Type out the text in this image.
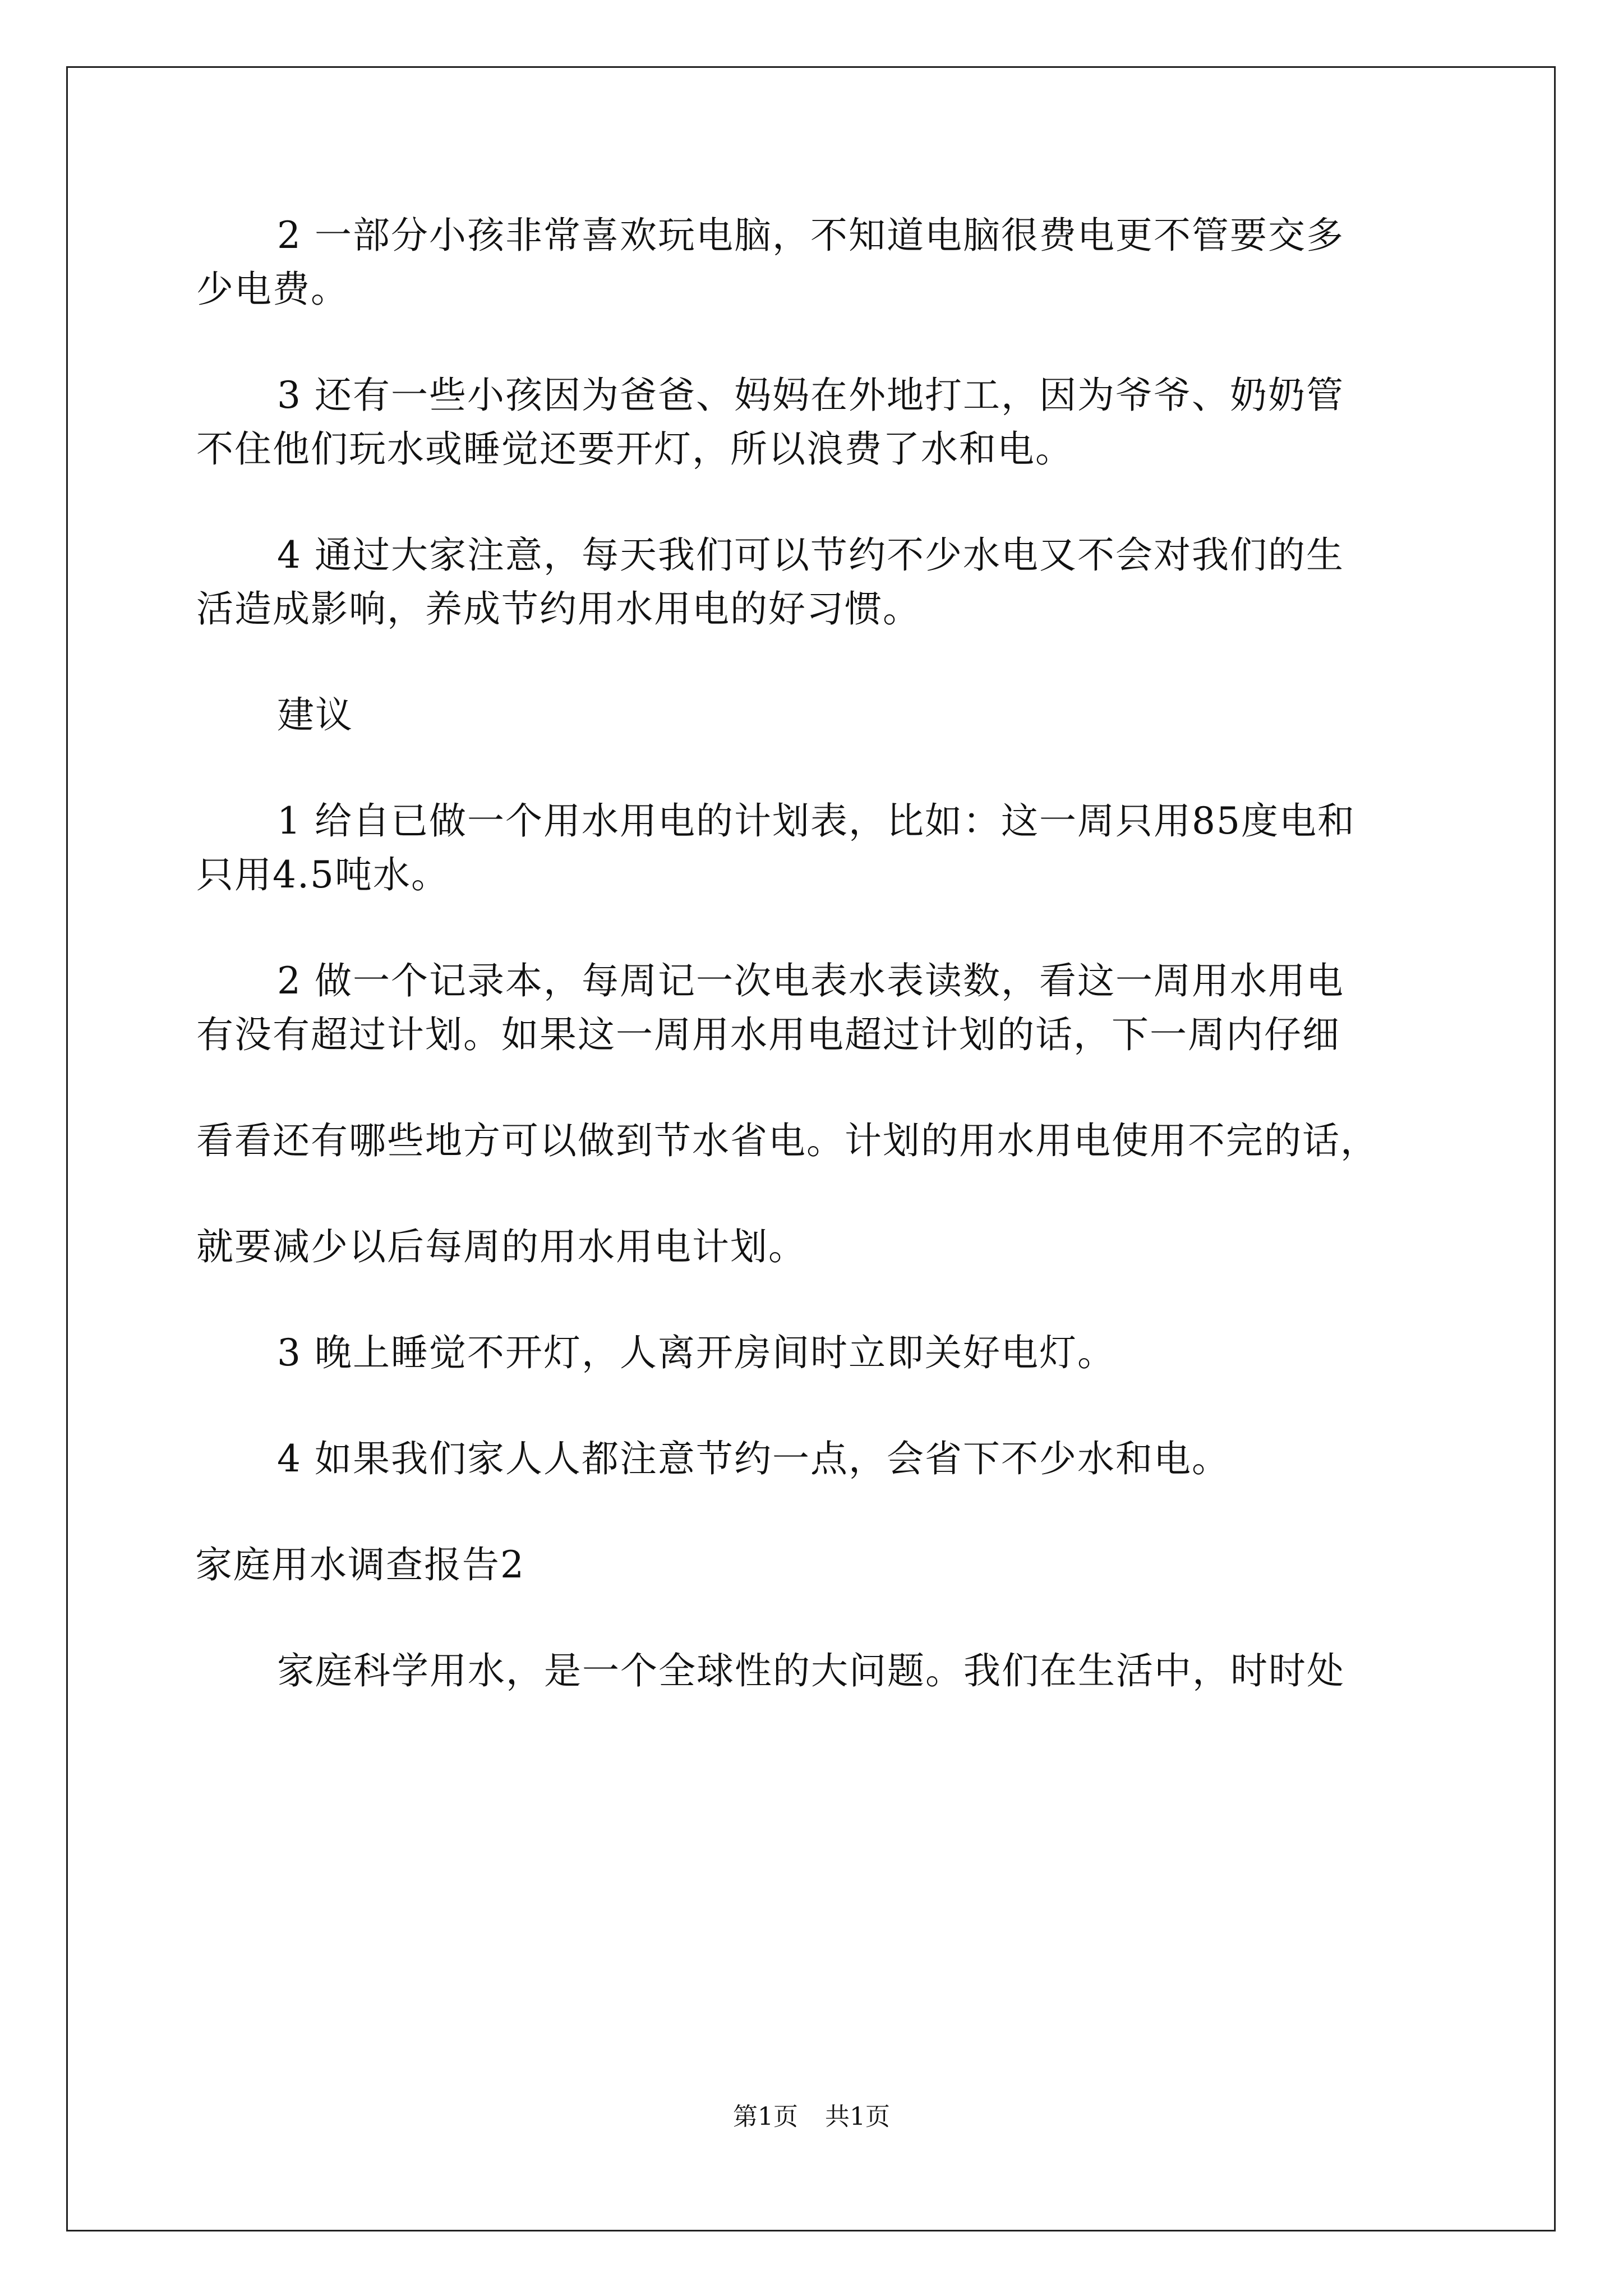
2 一部分小孩非常喜欢玩电脑，不知道电脑很费电更不管要交多

少电费。

3 还有一些小孩因为爸爸、妈妈在外地打工，因为爷爷、奶奶管

不住他们玩水或睡觉还要开灯，所以浪费了水和电。

4 通过大家注意，每天我们可以节约不少水电又不会对我们的生

活造成影响，养成节约用水用电的好习惯。

建议

1 给自已做一个用水用电的计划表，比如：这一周只用85度电和

只用4.5吨水。

2 做一个记录本，每周记一次电表水表读数，看这一周用水用电

有没有超过计划。如果这一周用水用电超过计划的话，下一周内仔细

看看还有哪些地方可以做到节水省电。计划的用水用电使用不完的话，

就要减少以后每周的用水用电计划。

3 晚上睡觉不开灯，人离开房间时立即关好电灯。

4 如果我们家人人都注意节约一点，会省下不少水和电。

家庭用水调查报告2

家庭科学用水，是一个全球性的大问题。我们在生活中，时时处

第1页 共1页
